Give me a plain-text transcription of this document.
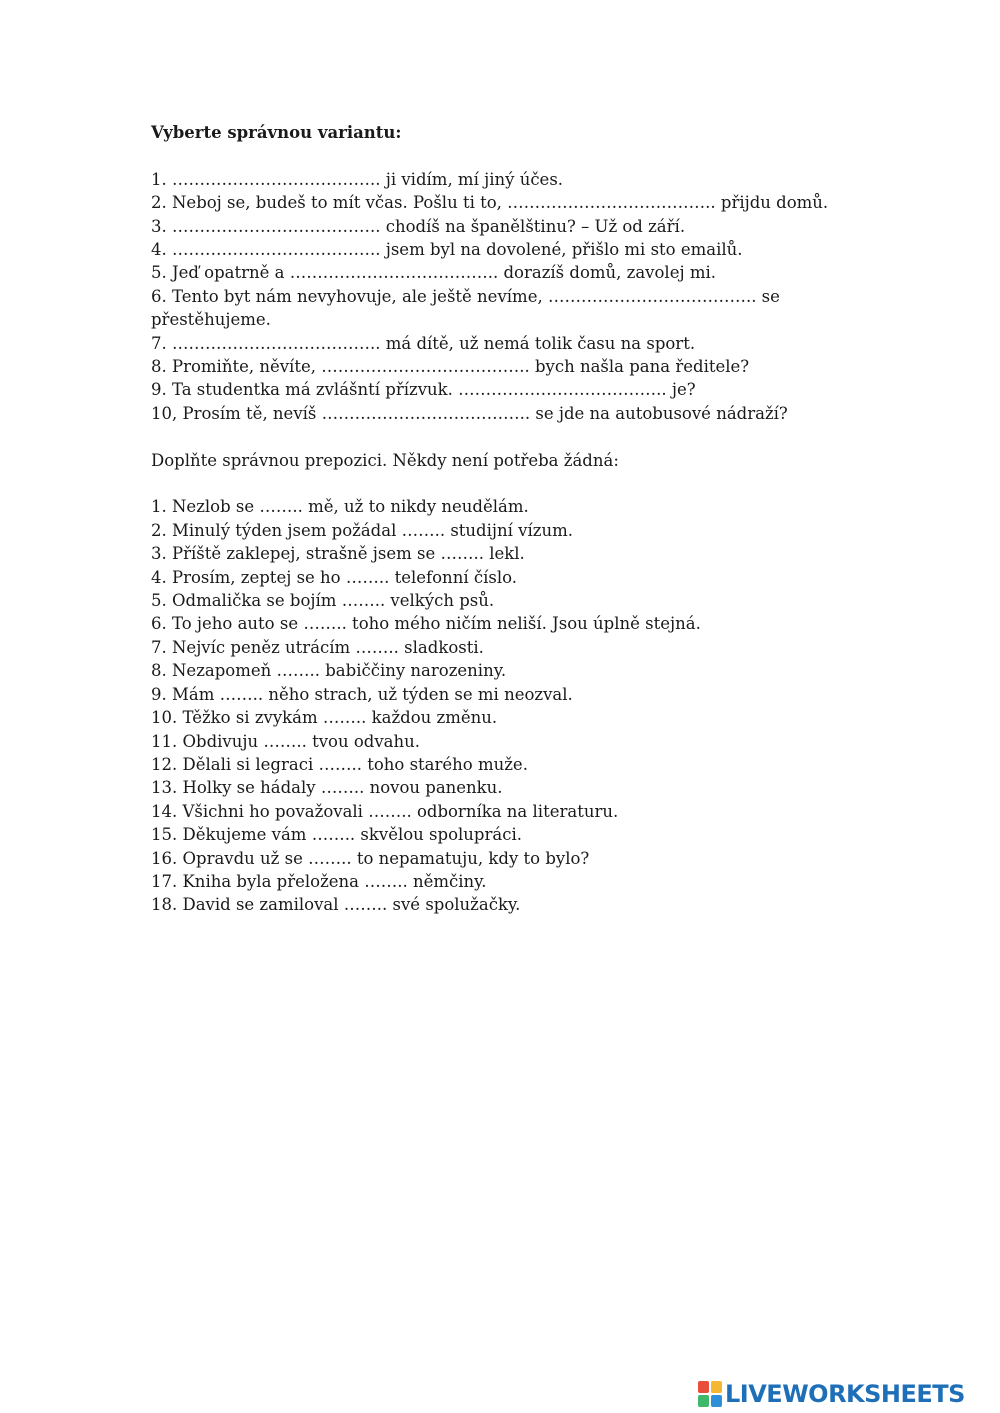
Vyberte správnou variantu:

1. ……………………………….. ji vidím, mí jiný účes.
2. Neboj se, budeš to mít včas. Pošlu ti to, ……………………………….. přijdu domů.
3. ……………………………….. chodíš na španělštinu? – Už od září.
4. ……………………………….. jsem byl na dovolené, přišlo mi sto emailů.
5. Jeď opatrně a ……………………………….. dorazíš domů, zavolej mi.
6. Tento byt nám nevyhovuje, ale ještě nevíme, ……………………………….. se přestěhujeme.
7. ……………………………….. má dítě, už nemá tolik času na sport.
8. Promiňte, něvíte, ……………………………….. bych našla pana ředitele?
9. Ta studentka má zvlášntí přízvuk. ……………………………….. je?
10, Prosím tě, nevíš ……………………………….. se jde na autobusové nádraží?

Doplňte správnou prepozici. Někdy není potřeba žádná:

1. Nezlob se …….. mě, už to nikdy neudělám.
2. Minulý týden jsem požádal …….. studijní vízum.
3. Příště zaklepej, strašně jsem se …….. lekl.
4. Prosím, zeptej se ho …….. telefonní číslo.
5. Odmalička se bojím …….. velkých psů.
6. To jeho auto se …….. toho mého ničím neliší. Jsou úplně stejná.
7. Nejvíc peněz utrácím …….. sladkosti.
8. Nezapomeň …….. babiččiny narozeniny.
9. Mám …….. něho strach, už týden se mi neozval.
10. Těžko si zvykám …….. každou změnu.
11. Obdivuju …….. tvou odvahu.
12. Dělali si legraci …….. toho starého muže.
13. Holky se hádaly …….. novou panenku.
14. Všichni ho považovali …….. odborníka na literaturu.
15. Děkujeme vám …….. skvělou spolupráci.
16. Opravdu už se …….. to nepamatuju, kdy to bylo?
17. Kniha byla přeložena …….. němčiny.
18. David se zamiloval …….. své spolužačky.
LIVEWORKSHEETS
